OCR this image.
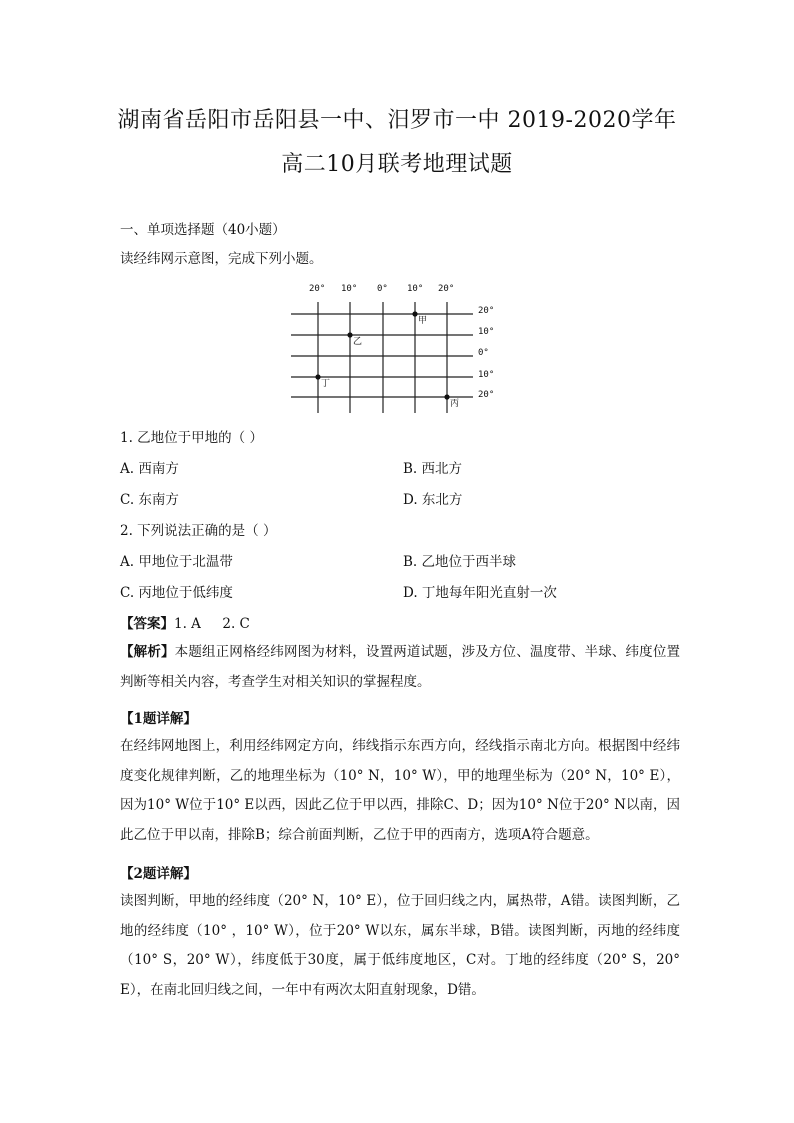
湖南省岳阳市岳阳县一中、汨罗市一中 2019-2020学年
高二10月联考地理试题
一、单项选择题（40小题）
读经纬网示意图，完成下列小题。
20° 10° 0° 10° 20°
20°
10°
0°
10°
20°
甲
乙
丙
丁
1. 乙地位于甲地的（ ）
A. 西南方	B. 西北方
C. 东南方	D. 东北方
2. 下列说法正确的是（ ）
A. 甲地位于北温带	B. 乙地位于西半球
C. 丙地位于低纬度	D. 丁地每年阳光直射一次
【答案】1. A     2. C
【解析】本题组正网格经纬网图为材料，设置两道试题，涉及方位、温度带、半球、纬度位置判断等相关内容，考查学生对相关知识的掌握程度。
【1题详解】
在经纬网地图上，利用经纬网定方向，纬线指示东西方向，经线指示南北方向。根据图中经纬度变化规律判断，乙的地理坐标为（10° N，10° W），甲的地理坐标为（20° N，10° E），因为10° W位于10° E以西，因此乙位于甲以西，排除C、D；因为10° N位于20° N以南，因此乙位于甲以南，排除B；综合前面判断，乙位于甲的西南方，选项A符合题意。
【2题详解】
读图判断，甲地的经纬度（20° N，10° E），位于回归线之内，属热带，A错。读图判断，乙地的经纬度（10° ，10° W），位于20° W以东，属东半球，B错。读图判断，丙地的经纬度（10° S，20° W），纬度低于30度，属于低纬度地区，C对。丁地的经纬度（20° S，20° E），在南北回归线之间，一年中有两次太阳直射现象，D错。
